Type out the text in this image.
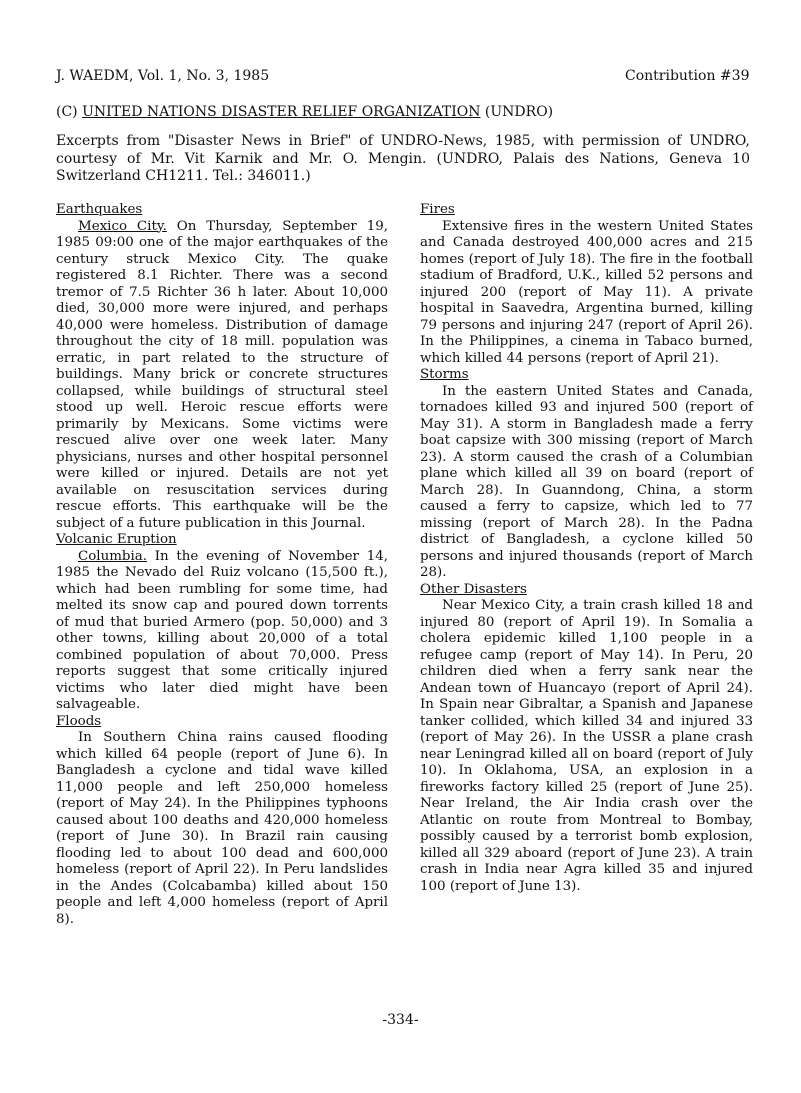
J. WAEDM, Vol. 1, No. 3, 1985	Contribution #39
(C) UNITED NATIONS DISASTER RELIEF ORGANIZATION (UNDRO)
Excerpts from "Disaster News in Brief" of UNDRO-News, 1985, with permission of UNDRO, courtesy of Mr. Vit Karnik and Mr. O. Mengin. (UNDRO, Palais des Nations, Geneva 10 Switzerland CH1211. Tel.: 346011.)
Earthquakes

Mexico City. On Thursday, September 19, 1985 09:00 one of the major earthquakes of the century struck Mexico City. The quake registered 8.1 Richter. There was a second tremor of 7.5 Richter 36 h later. About 10,000 died, 30,000 more were injured, and perhaps 40,000 were homeless. Distribution of damage throughout the city of 18 mill. population was erratic, in part related to the structure of buildings. Many brick or concrete structures collapsed, while buildings of structural steel stood up well. Heroic rescue efforts were primarily by Mexicans. Some victims were rescued alive over one week later. Many physicians, nurses and other hospital personnel were killed or injured. Details are not yet available on resuscitation services during rescue efforts. This earthquake will be the subject of a future publication in this Journal.

Volcanic Eruption

Columbia. In the evening of November 14, 1985 the Nevado del Ruiz volcano (15,500 ft.), which had been rumbling for some time, had melted its snow cap and poured down torrents of mud that buried Armero (pop. 50,000) and 3 other towns, killing about 20,000 of a total combined population of about 70,000. Press reports suggest that some critically injured victims who later died might have been salvageable.

Floods

In Southern China rains caused flooding which killed 64 people (report of June 6). In Bangladesh a cyclone and tidal wave killed 11,000 people and left 250,000 homeless (report of May 24). In the Philippines typhoons caused about 100 deaths and 420,000 homeless (report of June 30). In Brazil rain causing flooding led to about 100 dead and 600,000 homeless (report of April 22). In Peru landslides in the Andes (Colcabamba) killed about 150 people and left 4,000 homeless (report of April 8).

Fires

Extensive fires in the western United States and Canada destroyed 400,000 acres and 215 homes (report of July 18). The fire in the football stadium of Bradford, U.K., killed 52 persons and injured 200 (report of May 11). A private hospital in Saavedra, Argentina burned, killing 79 persons and injuring 247 (report of April 26). In the Philippines, a cinema in Tabaco burned, which killed 44 persons (report of April 21).

Storms

In the eastern United States and Canada, tornadoes killed 93 and injured 500 (report of May 31). A storm in Bangladesh made a ferry boat capsize with 300 missing (report of March 23). A storm caused the crash of a Columbian plane which killed all 39 on board (report of March 28). In Guanndong, China, a storm caused a ferry to capsize, which led to 77 missing (report of March 28). In the Padna district of Bangladesh, a cyclone killed 50 persons and injured thousands (report of March 28).

Other Disasters

Near Mexico City, a train crash killed 18 and injured 80 (report of April 19). In Somalia a cholera epidemic killed 1,100 people in a refugee camp (report of May 14). In Peru, 20 children died when a ferry sank near the Andean town of Huancayo (report of April 24). In Spain near Gibraltar, a Spanish and Japanese tanker collided, which killed 34 and injured 33 (report of May 26). In the USSR a plane crash near Leningrad killed all on board (report of July 10). In Oklahoma, USA, an explosion in a fireworks factory killed 25 (report of June 25). Near Ireland, the Air India crash over the Atlantic on route from Montreal to Bombay, possibly caused by a terrorist bomb explosion, killed all 329 aboard (report of June 23). A train crash in India near Agra killed 35 and injured 100 (report of June 13).

-334-
